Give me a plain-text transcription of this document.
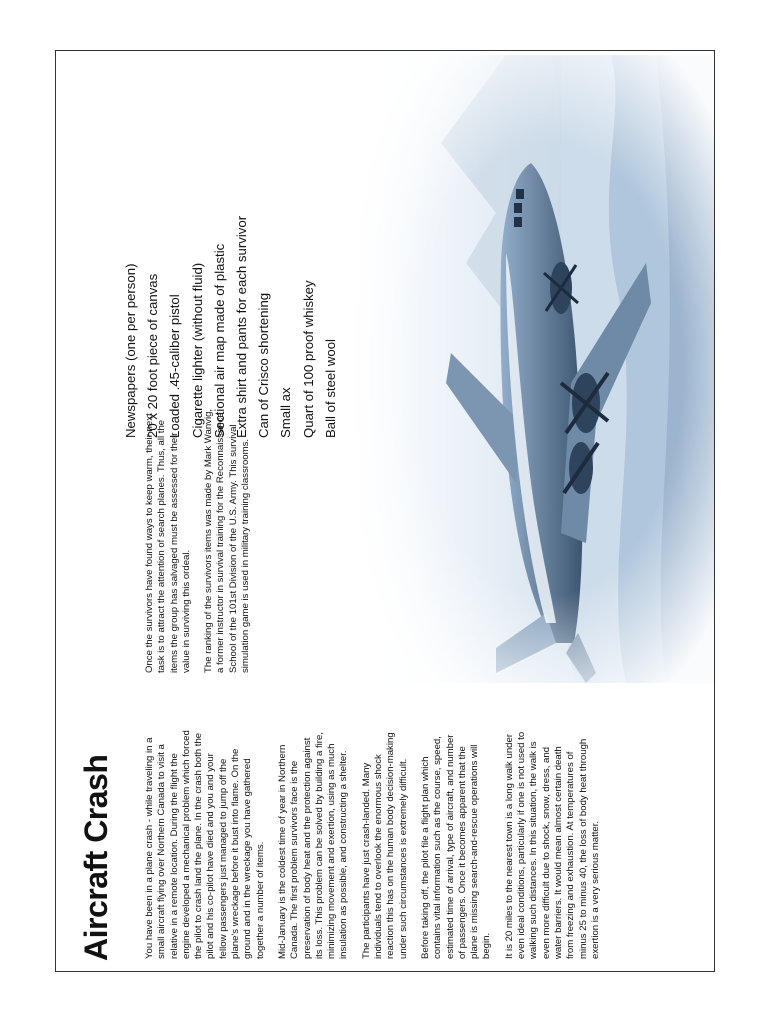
Aircraft Crash	You have been in a plane crash - while traveling in a small aircraft flying over Northern Canada to visit a relative in a remote location. During the flight the engine developed a mechanical problem which forced the pilot to crash land the plane. In the crash both the pilot and his co-pilot have died and you and your fellow passengers just managed to jump off the plane's wreckage before it bust into flame. On the ground and in the wreckage you have gathered together a number of items. Mid-January is the coldest time of year in Northern Canada. The first problem survivors face is the preservation of body heat and the protection against its loss. This problem can be solved by building a fire, minimizing movement and exertion, using as much insulation as possible, and constructing a shelter. The participants have just crash-landed. Many individuals tend to overlook the enormous shock reaction this has on the human body decision-making under such circumstances is extremely difficult. Before taking off, the pilot file a flight plan which contains vital information such as the course, speed, estimated time of arrival, type of aircraft, and number of passengers. Once it becomes apparent that the plane is missing search-and-rescue operations will begin. It is 20 miles to the nearest town is a long walk under even ideal conditions, particularly if one is not used to walking such distances. In this situation, the walk is even more difficult due to shock, snow, dress, and water barriers. It would mean almost certain death from freezing and exhaustion. At temperatures of minus 25 to minus 40, the loss of body heat through exertion is a very serious matter.

Once the survivors have found ways to keep warm, their next task is to attract the attention of search planes. Thus, all the items the group has salvaged must be assessed for their value in surviving this ordeal. The ranking of the survivors items was made by Mark Wanvig, a former instructor in survival training for the Reconnaissance School of the 101st Division of the U.S. Army. This survival simulation game is used in military training classrooms.

Newspapers (one per person) 20 x 20 foot piece of canvas Loaded .45-caliber pistol Cigarette lighter (without fluid) Sectional air map made of plastic Extra shirt and pants for each survivor Can of Crisco shortening Small ax Quart of 100 proof whiskey Ball of steel wool
